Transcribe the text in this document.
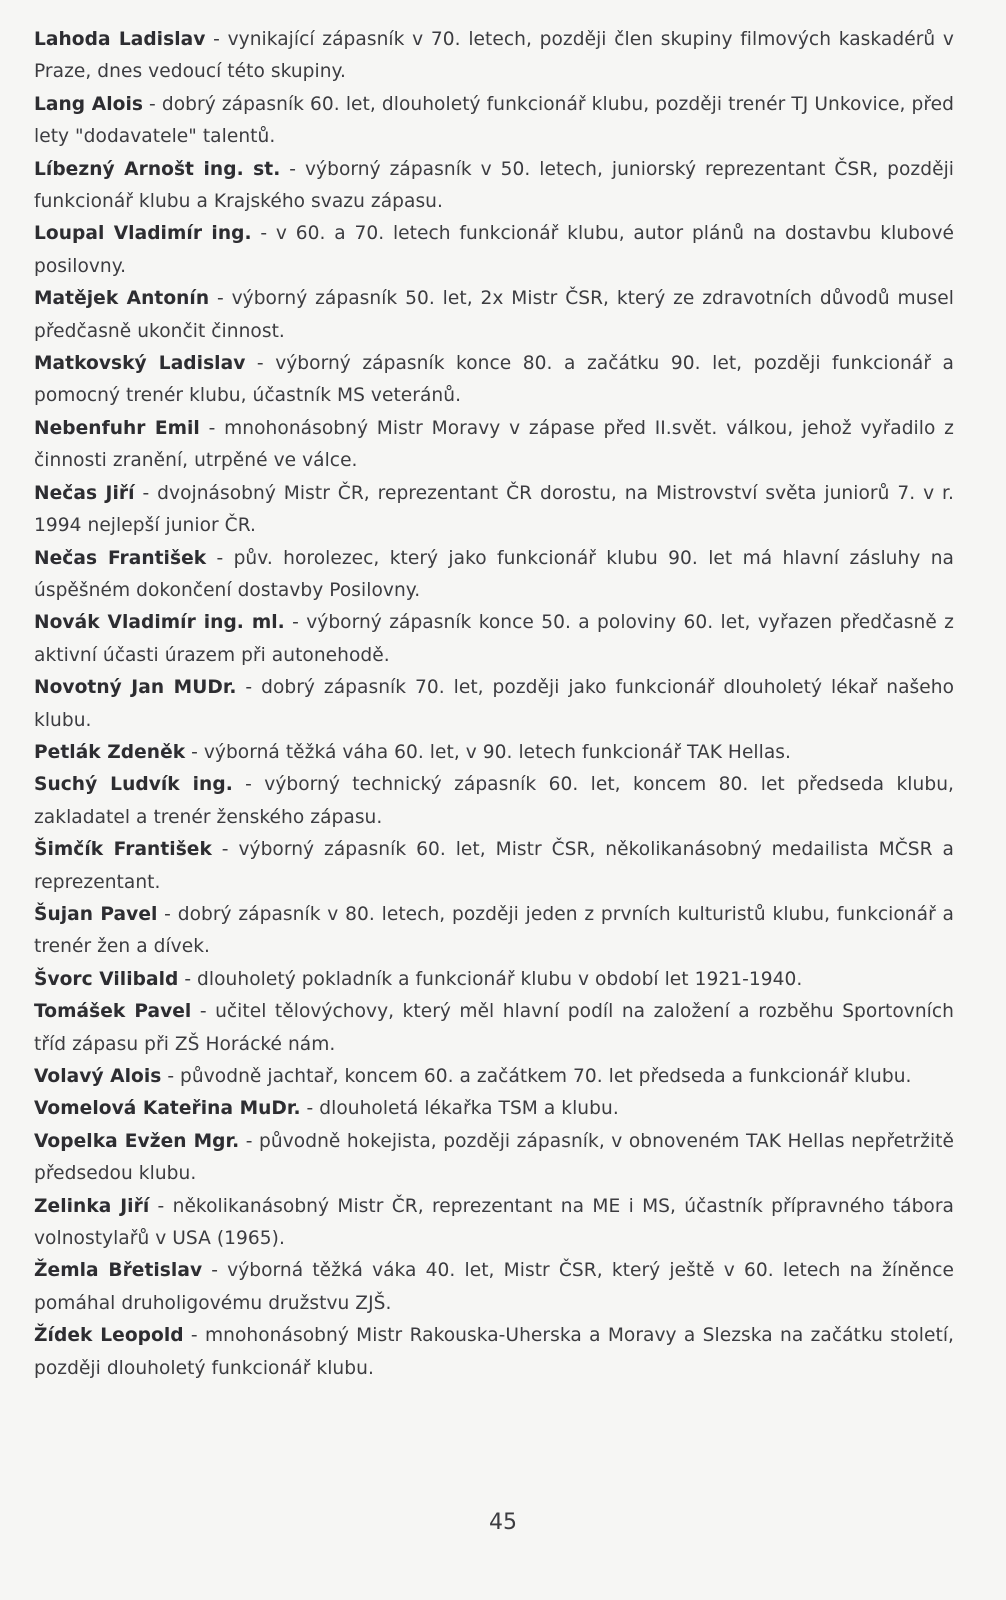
Lahoda Ladislav - vynikající zápasník v 70. letech, později člen skupiny filmových kaskadérů v Praze, dnes vedoucí této skupiny.

Lang Alois - dobrý zápasník 60. let, dlouholetý funkcionář klubu, později trenér TJ Unkovice, před lety "dodavatele" talentů.

Líbezný Arnošt ing. st. - výborný zápasník v 50. letech, juniorský reprezentant ČSR, později funkcionář klubu a Krajského svazu zápasu.

Loupal Vladimír ing. - v 60. a 70. letech funkcionář klubu, autor plánů na dostavbu klubové posilovny.

Matějek Antonín - výborný zápasník 50. let, 2x Mistr ČSR, který ze zdravotních důvodů musel předčasně ukončit činnost.

Matkovský Ladislav - výborný zápasník konce 80. a začátku 90. let, později funkcionář a pomocný trenér klubu, účastník MS veteránů.

Nebenfuhr Emil - mnohonásobný Mistr Moravy v zápase před II.svět. válkou, jehož vyřadilo z činnosti zranění, utrpěné ve válce.

Nečas Jiří - dvojnásobný Mistr ČR, reprezentant ČR dorostu, na Mistrovství světa juniorů 7. v r. 1994 nejlepší junior ČR.

Nečas František - pův. horolezec, který jako funkcionář klubu 90. let má hlavní zásluhy na úspěšném dokončení dostavby Posilovny.

Novák Vladimír ing. ml. - výborný zápasník konce 50. a poloviny 60. let, vyřazen předčasně z aktivní účasti úrazem při autonehodě.

Novotný Jan MUDr. - dobrý zápasník 70. let, později jako funkcionář dlouholetý lékař našeho klubu.

Petlák Zdeněk - výborná těžká váha 60. let, v 90. letech funkcionář TAK Hellas.

Suchý Ludvík ing. - výborný technický zápasník 60. let, koncem 80. let předseda klubu, zakladatel a trenér ženského zápasu.

Šimčík František - výborný zápasník 60. let, Mistr ČSR, několikanásobný medailista MČSR a reprezentant.

Šujan Pavel - dobrý zápasník v 80. letech, později jeden z prvních kulturistů klubu, funkcionář a trenér žen a dívek.

Švorc Vilibald - dlouholetý pokladník a funkcionář klubu v období let 1921-1940.

Tomášek Pavel - učitel tělovýchovy, který měl hlavní podíl na založení a rozběhu Sportovních tříd zápasu při ZŠ Horácké nám.

Volavý Alois - původně jachtař, koncem 60. a začátkem 70. let předseda a funkcionář klubu.

Vomelová Kateřina MuDr. - dlouholetá lékařka TSM a klubu.

Vopelka Evžen Mgr. - původně hokejista, později zápasník, v obnoveném TAK Hellas nepřetržitě předsedou klubu.

Zelinka Jiří - několikanásobný Mistr ČR, reprezentant na ME i MS, účastník přípravného tábora volnostylařů v USA (1965).

Žemla Břetislav - výborná těžká váka 40. let, Mistr ČSR, který ještě v 60. letech na žíněnce pomáhal druholigovému družstvu ZJŠ.

Žídek Leopold - mnohonásobný Mistr Rakouska-Uherska a Moravy a Slezska na začátku století, později dlouholetý funkcionář klubu.

45
